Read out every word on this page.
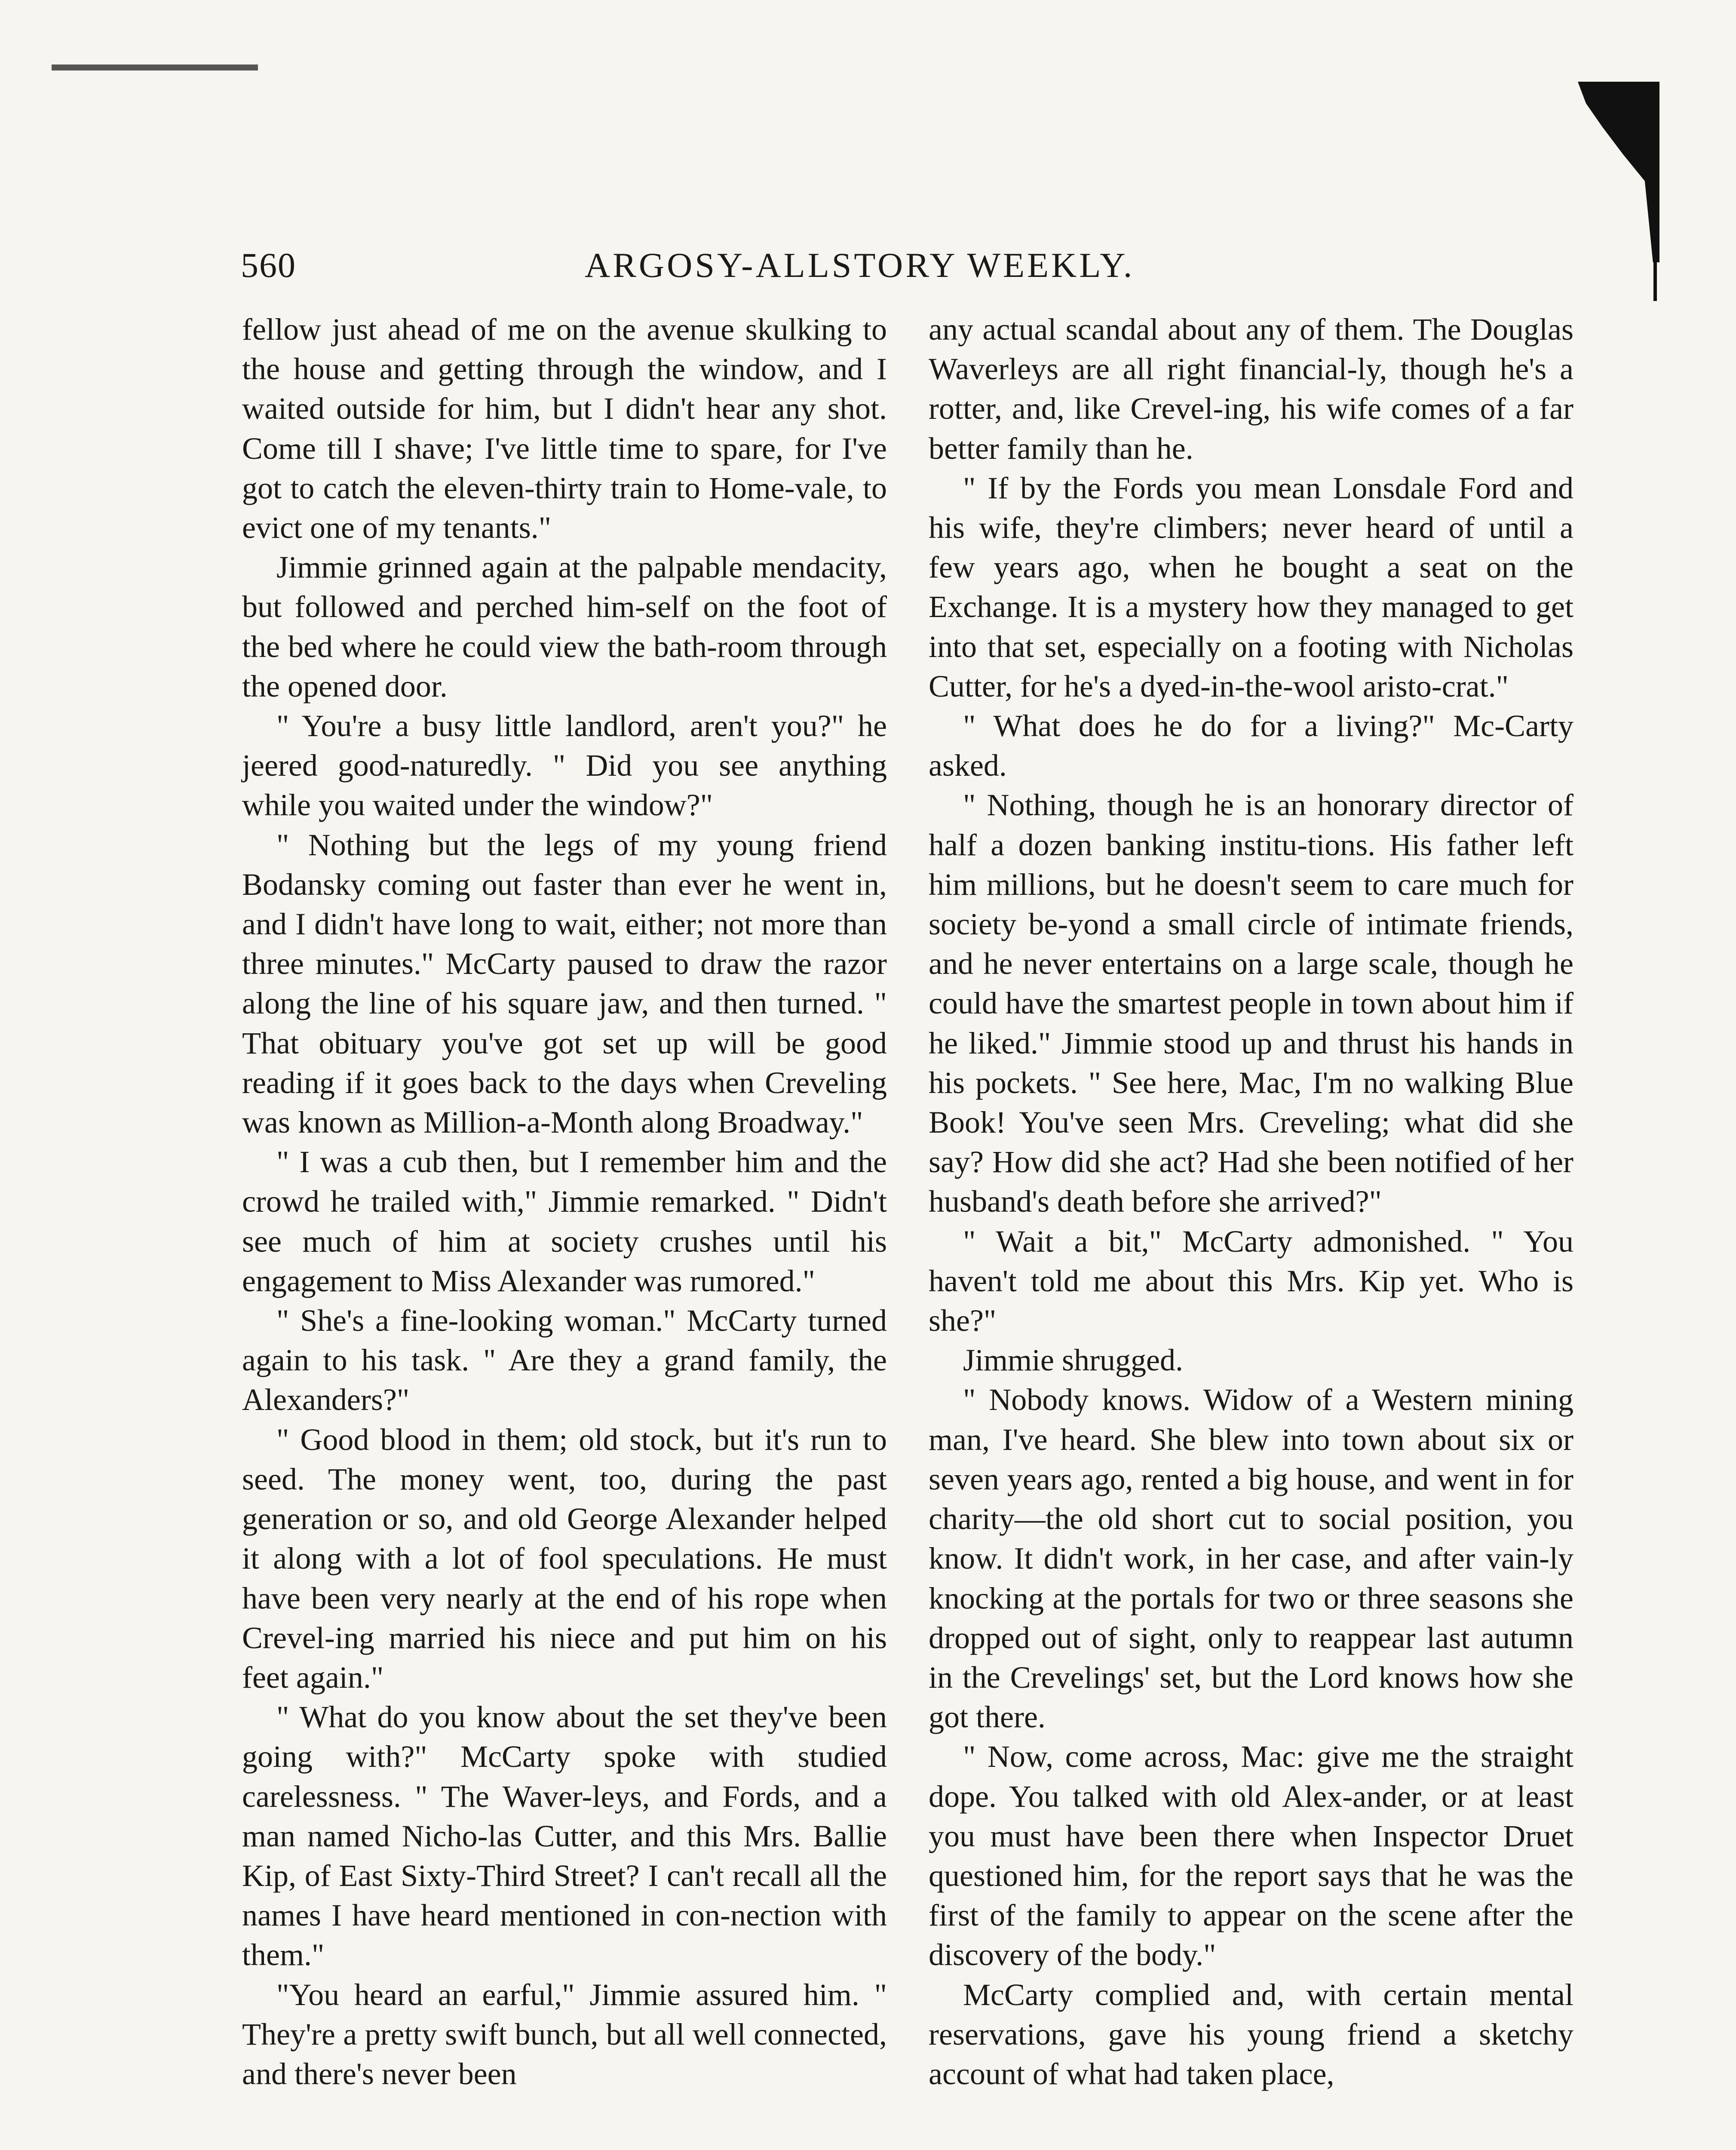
560	ARGOSY-ALLSTORY WEEKLY.

fellow just ahead of me on the avenue skulking to the house and getting through the window, and I waited outside for him, but I didn't hear any shot. Come till I shave; I've little time to spare, for I've got to catch the eleven-thirty train to Home-vale, to evict one of my tenants."

Jimmie grinned again at the palpable mendacity, but followed and perched him-self on the foot of the bed where he could view the bath-room through the opened door.

" You're a busy little landlord, aren't you?" he jeered good-naturedly. " Did you see anything while you waited under the window?"

" Nothing but the legs of my young friend Bodansky coming out faster than ever he went in, and I didn't have long to wait, either; not more than three minutes." McCarty paused to draw the razor along the line of his square jaw, and then turned. " That obituary you've got set up will be good reading if it goes back to the days when Creveling was known as Million-a-Month along Broadway."

" I was a cub then, but I remember him and the crowd he trailed with," Jimmie remarked. " Didn't see much of him at society crushes until his engagement to Miss Alexander was rumored."

" She's a fine-looking woman." McCarty turned again to his task. " Are they a grand family, the Alexanders?"

" Good blood in them; old stock, but it's run to seed. The money went, too, during the past generation or so, and old George Alexander helped it along with a lot of fool speculations. He must have been very nearly at the end of his rope when Crevel-ing married his niece and put him on his feet again."

" What do you know about the set they've been going with?" McCarty spoke with studied carelessness. " The Waver-leys, and Fords, and a man named Nicho-las Cutter, and this Mrs. Ballie Kip, of East Sixty-Third Street? I can't recall all the names I have heard mentioned in con-nection with them."

"You heard an earful," Jimmie assured him. " They're a pretty swift bunch, but all well connected, and there's never been

any actual scandal about any of them. The Douglas Waverleys are all right financial-ly, though he's a rotter, and, like Crevel-ing, his wife comes of a far better family than he.

" If by the Fords you mean Lonsdale Ford and his wife, they're climbers; never heard of until a few years ago, when he bought a seat on the Exchange. It is a mystery how they managed to get into that set, especially on a footing with Nicholas Cutter, for he's a dyed-in-the-wool aristo-crat."

" What does he do for a living?" Mc-Carty asked.

" Nothing, though he is an honorary director of half a dozen banking institu-tions. His father left him millions, but he doesn't seem to care much for society be-yond a small circle of intimate friends, and he never entertains on a large scale, though he could have the smartest people in town about him if he liked." Jimmie stood up and thrust his hands in his pockets. " See here, Mac, I'm no walking Blue Book! You've seen Mrs. Creveling; what did she say? How did she act? Had she been notified of her husband's death before she arrived?"

" Wait a bit," McCarty admonished. " You haven't told me about this Mrs. Kip yet. Who is she?"

Jimmie shrugged.

" Nobody knows. Widow of a Western mining man, I've heard. She blew into town about six or seven years ago, rented a big house, and went in for charity—the old short cut to social position, you know. It didn't work, in her case, and after vain-ly knocking at the portals for two or three seasons she dropped out of sight, only to reappear last autumn in the Crevelings' set, but the Lord knows how she got there.

" Now, come across, Mac: give me the straight dope. You talked with old Alex-ander, or at least you must have been there when Inspector Druet questioned him, for the report says that he was the first of the family to appear on the scene after the discovery of the body."

McCarty complied and, with certain mental reservations, gave his young friend a sketchy account of what had taken place,
